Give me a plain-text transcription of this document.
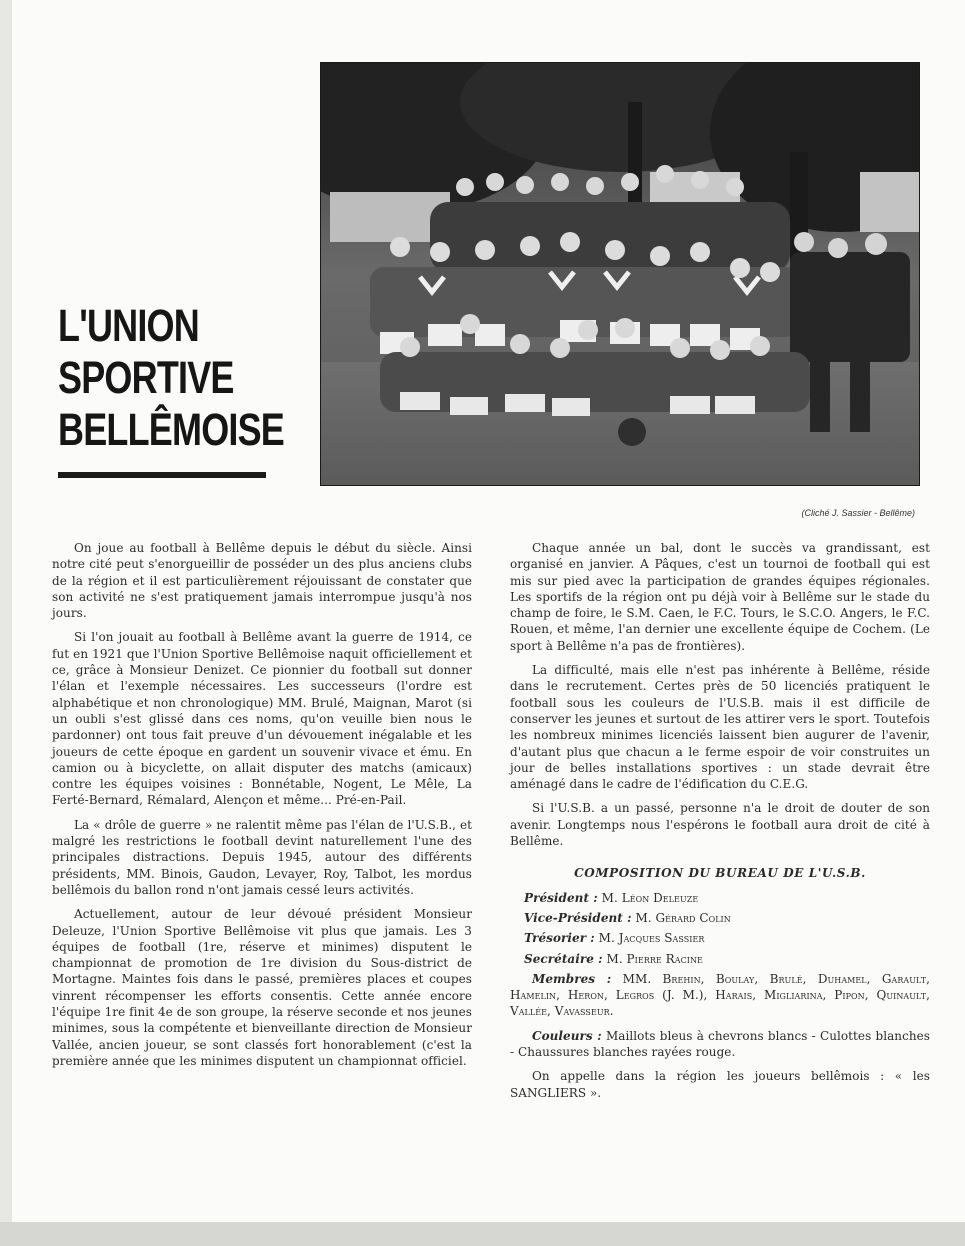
L'UNION
SPORTIVE
BELLÊMOISE
(Cliché J. Sassier - Bellême)

On joue au football à Bellême depuis le début du siècle. Ainsi notre cité peut s'enorgueillir de posséder un des plus anciens clubs de la région et il est particulièrement réjouissant de constater que son activité ne s'est pratiquement jamais interrompue jusqu'à nos jours.

Si l'on jouait au football à Bellême avant la guerre de 1914, ce fut en 1921 que l'Union Sportive Bellêmoise naquit officiellement et ce, grâce à Monsieur Denizet. Ce pionnier du football sut donner l'élan et l'exemple nécessaires. Les successeurs (l'ordre est alphabétique et non chronologique) MM. Brulé, Maignan, Marot (si un oubli s'est glissé dans ces noms, qu'on veuille bien nous le pardonner) ont tous fait preuve d'un dévouement inégalable et les joueurs de cette époque en gardent un souvenir vivace et ému. En camion ou à bicyclette, on allait disputer des matchs (amicaux) contre les équipes voisines : Bonnétable, Nogent, Le Mêle, La Ferté-Bernard, Rémalard, Alençon et même... Pré-en-Pail.

La « drôle de guerre » ne ralentit même pas l'élan de l'U.S.B., et malgré les restrictions le football devint naturellement l'une des principales distractions. Depuis 1945, autour des différents présidents, MM. Binois, Gaudon, Levayer, Roy, Talbot, les mordus bellêmois du ballon rond n'ont jamais cessé leurs activités.

Actuellement, autour de leur dévoué président Monsieur Deleuze, l'Union Sportive Bellêmoise vit plus que jamais. Les 3 équipes de football (1re, réserve et minimes) disputent le championnat de promotion de 1re division du Sous-district de Mortagne. Maintes fois dans le passé, premières places et coupes vinrent récompenser les efforts consentis. Cette année encore l'équipe 1re finit 4e de son groupe, la réserve seconde et nos jeunes minimes, sous la compétente et bienveillante direction de Monsieur Vallée, ancien joueur, se sont classés fort honorablement (c'est la première année que les minimes disputent un championnat officiel.

Chaque année un bal, dont le succès va grandissant, est organisé en janvier. A Pâques, c'est un tournoi de football qui est mis sur pied avec la participation de grandes équipes régionales. Les sportifs de la région ont pu déjà voir à Bellême sur le stade du champ de foire, le S.M. Caen, le F.C. Tours, le S.C.O. Angers, le F.C. Rouen, et même, l'an dernier une excellente équipe de Cochem. (Le sport à Bellême n'a pas de frontières).

La difficulté, mais elle n'est pas inhérente à Bellême, réside dans le recrutement. Certes près de 50 licenciés pratiquent le football sous les couleurs de l'U.S.B. mais il est difficile de conserver les jeunes et surtout de les attirer vers le sport. Toutefois les nombreux minimes licenciés laissent bien augurer de l'avenir, d'autant plus que chacun a le ferme espoir de voir construites un jour de belles installations sportives : un stade devrait être aménagé dans le cadre de l'édification du C.E.G.

Si l'U.S.B. a un passé, personne n'a le droit de douter de son avenir. Longtemps nous l'espérons le football aura droit de cité à Bellême.

COMPOSITION DU BUREAU DE L'U.S.B.
Président : M. Léon Deleuze
Vice-Président : M. Gérard Colin
Trésorier : M. Jacques Sassier
Secrétaire : M. Pierre Racine

Membres : MM. Brehin, Boulay, Brulé, Duhamel, Garault, Hamelin, Heron, Legros (J. M.), Harais, Migliarina, Pipon, Quinault, Vallée, Vavasseur.

Couleurs : Maillots bleus à chevrons blancs - Culottes blanches - Chaussures blanches rayées rouge.

On appelle dans la région les joueurs bellêmois : « les SANGLIERS ».
